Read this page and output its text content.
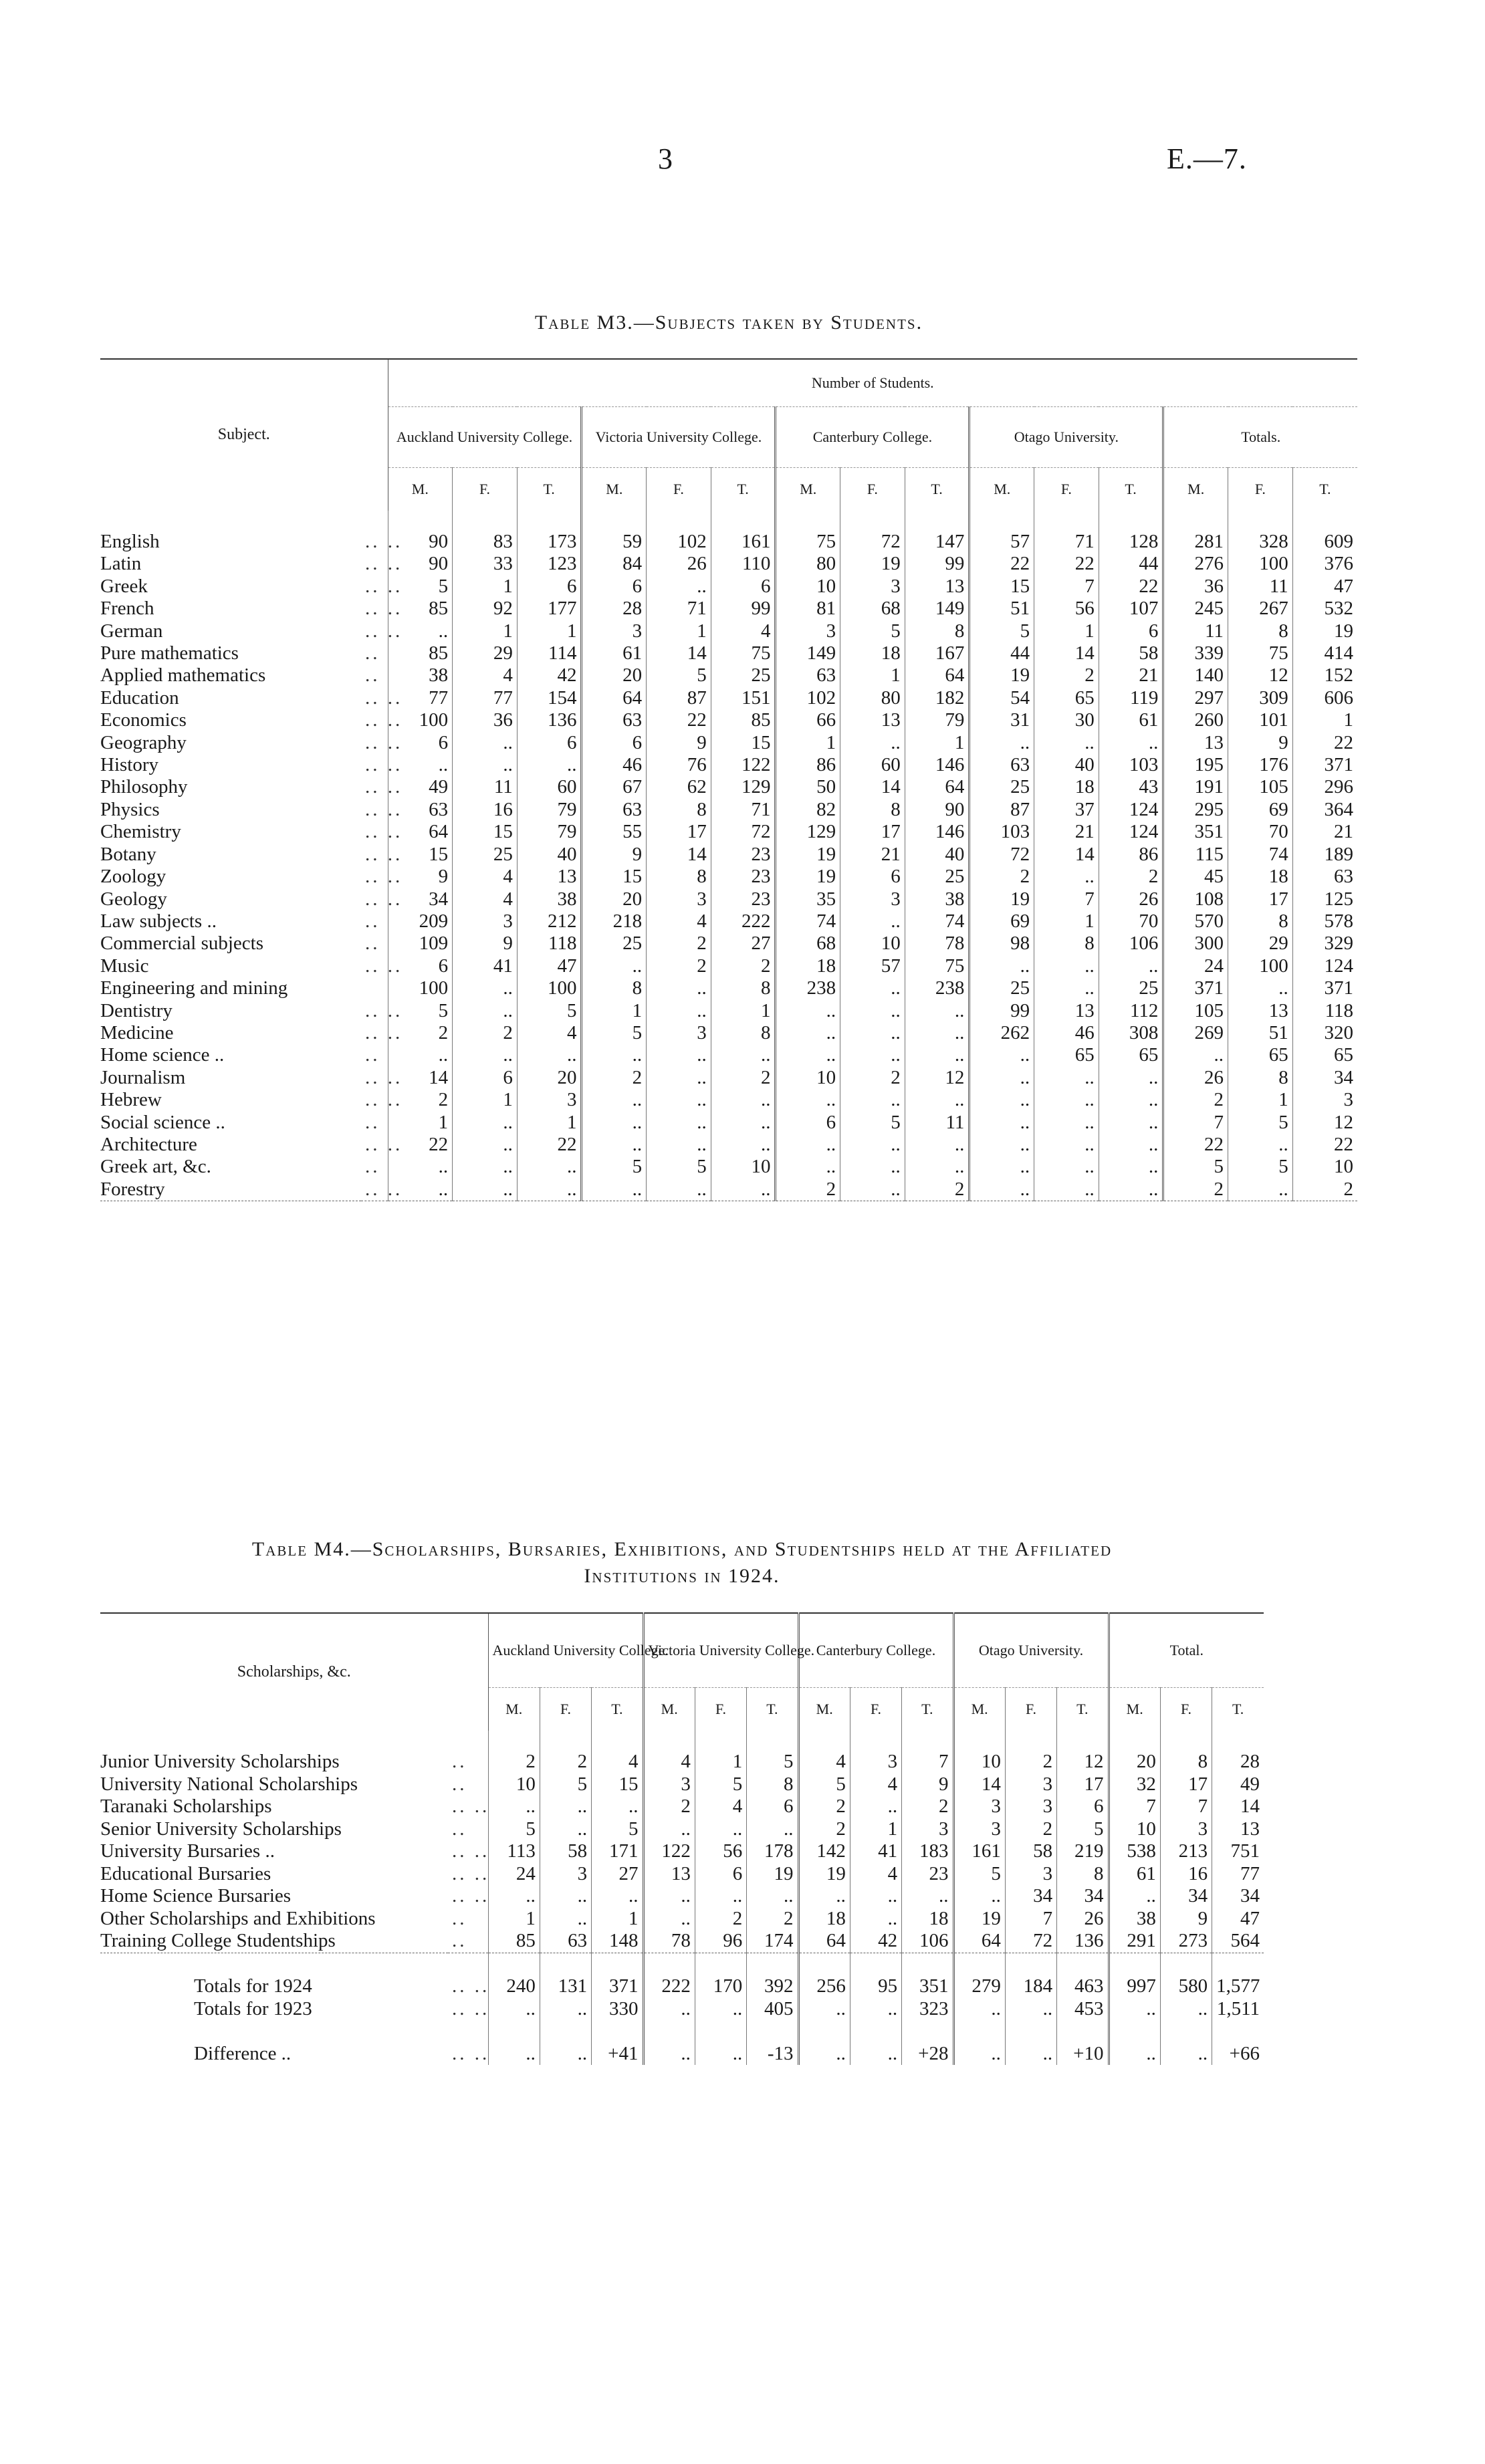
3	E.—7.
Table M3.—Subjects taken by Students.
Subject.		Number of Students.														
		Auckland University College.			Victoria University College.			Canterbury College.			Otago University.			Totals.		
		M.	F.	T.	M.	F.	T.	M.	F.	T.	M.	F.	T.	M.	F.	T.
English	.. ..	90	83	173	59	102	161	75	72	147	57	71	128	281	328	609
Latin	.. ..	90	33	123	84	26	110	80	19	99	22	22	44	276	100	376
Greek	.. ..	5	1	6	6	..	6	10	3	13	15	7	22	36	11	47
French	.. ..	85	92	177	28	71	99	81	68	149	51	56	107	245	267	532
German	.. ..	..	1	1	3	1	4	3	5	8	5	1	6	11	8	19
Pure mathematics	..	85	29	114	61	14	75	149	18	167	44	14	58	339	75	414
Applied mathematics	..	38	4	42	20	5	25	63	1	64	19	2	21	140	12	152
Education	.. ..	77	77	154	64	87	151	102	80	182	54	65	119	297	309	606
Economics	.. ..	100	36	136	63	22	85	66	13	79	31	30	61	260	101	1
Geography	.. ..	6	..	6	6	9	15	1	..	1	..	..	..	13	9	22
History	.. ..	..	..	..	46	76	122	86	60	146	63	40	103	195	176	371
Philosophy	.. ..	49	11	60	67	62	129	50	14	64	25	18	43	191	105	296
Physics	.. ..	63	16	79	63	8	71	82	8	90	87	37	124	295	69	364
Chemistry	.. ..	64	15	79	55	17	72	129	17	146	103	21	124	351	70	21
Botany	.. ..	15	25	40	9	14	23	19	21	40	72	14	86	115	74	189
Zoology	.. ..	9	4	13	15	8	23	19	6	25	2	..	2	45	18	63
Geology	.. ..	34	4	38	20	3	23	35	3	38	19	7	26	108	17	125
Law subjects ..	..	209	3	212	218	4	222	74	..	74	69	1	70	570	8	578
Commercial subjects	..	109	9	118	25	2	27	68	10	78	98	8	106	300	29	329
Music	.. ..	6	41	47	..	2	2	18	57	75	..	..	..	24	100	124
Engineering and mining		100	..	100	8	..	8	238	..	238	25	..	25	371	..	371
Dentistry	.. ..	5	..	5	1	..	1	..	..	..	99	13	112	105	13	118
Medicine	.. ..	2	2	4	5	3	8	..	..	..	262	46	308	269	51	320
Home science ..	..	..	..	..	..	..	..	..	..	..	..	65	65	..	65	65
Journalism	.. ..	14	6	20	2	..	2	10	2	12	..	..	..	26	8	34
Hebrew	.. ..	2	1	3	..	..	..	..	..	..	..	..	..	2	1	3
Social science ..	..	1	..	1	..	..	..	6	5	11	..	..	..	7	5	12
Architecture	.. ..	22	..	22	..	..	..	..	..	..	..	..	..	22	..	22
Greek art, &c.	..	..	..	..	5	5	10	..	..	..	..	..	..	5	5	10
Forestry	.. ..	..	..	..	..	..	..	2	..	2	..	..	..	2	..	2
Table M4.—Scholarships, Bursaries, Exhibitions, and Studentships held at the Affiliated
Institutions in 1924.
Scholarships, &c.		Auckland University College.			Victoria University College.			Canterbury College.			Otago University.			Total.		
		M.	F.	T.	M.	F.	T.	M.	F.	T.	M.	F.	T.	M.	F.	T.
Junior University Scholarships	..	2	2	4	4	1	5	4	3	7	10	2	12	20	8	28
University National Scholarships	..	10	5	15	3	5	8	5	4	9	14	3	17	32	17	49
Taranaki Scholarships	.. ..	..	..	..	2	4	6	2	..	2	3	3	6	7	7	14
Senior University Scholarships	..	5	..	5	..	..	..	2	1	3	3	2	5	10	3	13
University Bursaries ..	.. ..	113	58	171	122	56	178	142	41	183	161	58	219	538	213	751
Educational Bursaries	.. ..	24	3	27	13	6	19	19	4	23	5	3	8	61	16	77
Home Science Bursaries	.. ..	..	..	..	..	..	..	..	..	..	..	34	34	..	34	34
Other Scholarships and Exhibitions	..	1	..	1	..	2	2	18	..	18	19	7	26	38	9	47
Training College Studentships	..	85	63	148	78	96	174	64	42	106	64	72	136	291	273	564

Totals for 1924	.. ..	240	131	371	222	170	392	256	95	351	279	184	463	997	580	1,577
Totals for 1923	.. ..	..	..	330	..	..	405	..	..	323	..	..	453	..	..	1,511

Difference ..	.. ..	..	..	+41	..	..	-13	..	..	+28	..	..	+10	..	..	+66
